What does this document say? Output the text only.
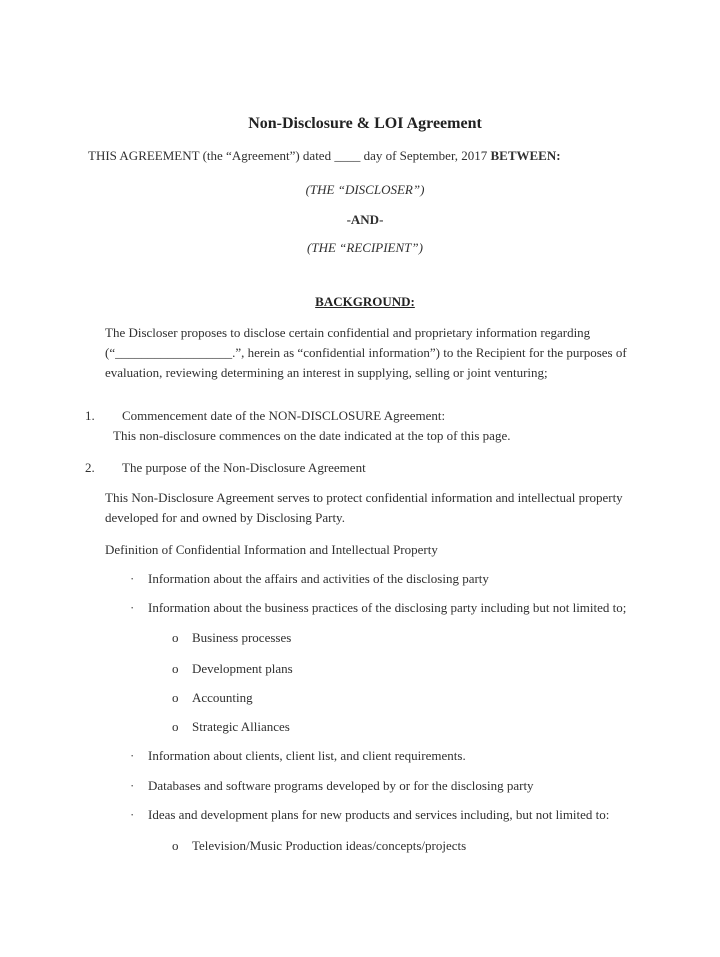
Non-Disclosure & LOI Agreement

THIS AGREEMENT (the “Agreement”) dated ____ day of September, 2017 BETWEEN:

(THE “DISCLOSER”)

-AND-

(THE “RECIPIENT”)

BACKGROUND:

The Discloser proposes to disclose certain confidential and proprietary information regarding (“__________________.”, herein as “confidential information”) to the Recipient for the purposes of evaluation, reviewing determining an interest in supplying, selling or joint venturing;

1.	Commencement date of the NON-DISCLOSURE Agreement:
This non-disclosure commences on the date indicated at the top of this page.
2.	The purpose of the Non-Disclosure Agreement

This Non-Disclosure Agreement serves to protect confidential information and intellectual property developed for and owned by Disclosing Party.

Definition of Confidential Information and Intellectual Property

·	Information about the affairs and activities of the disclosing party
·	Information about the business practices of the disclosing party including but not limited to;
o	Business processes
o	Development plans
o	Accounting
o	Strategic Alliances
·	Information about clients, client list, and client requirements.
·	Databases and software programs developed by or for the disclosing party
·	Ideas and development plans for new products and services including, but not limited to:
o	Television/Music Production ideas/concepts/projects
